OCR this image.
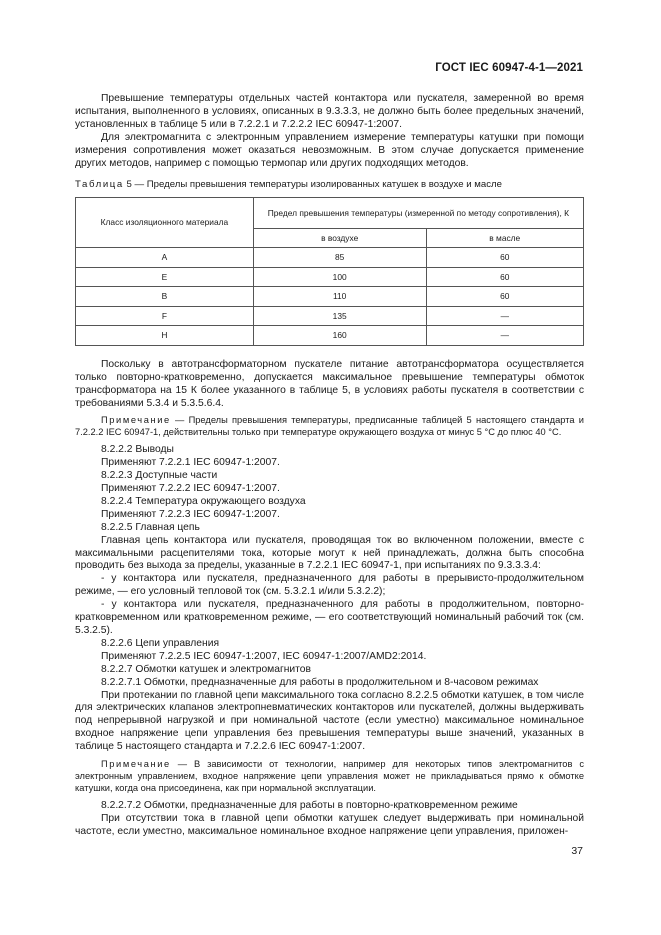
ГОСТ IEC 60947-4-1—2021

Превышение температуры отдельных частей контактора или пускателя, замеренной во время испытания, выполненного в условиях, описанных в 9.3.3.3, не должно быть более предельных значений, установленных в таблице 5 или в 7.2.2.1 и 7.2.2.2 IEC 60947-1:2007.

Для электромагнита с электронным управлением измерение температуры катушки при помощи измерения сопротивления может оказаться невозможным. В этом случае допускается применение других методов, например с помощью термопар или других подходящих методов.

Таблица 5 — Пределы превышения температуры изолированных катушек в воздухе и масле

Класс изоляционного материала	Предел превышения температуры (измеренной по методу сопротивления), К	
	в воздухе	в масле
A	85	60
E	100	60
B	110	60
F	135	—
H	160	—

Поскольку в автотрансформаторном пускателе питание автотрансформатора осуществляется только повторно-кратковременно, допускается максимальное превышение температуры обмоток трансформатора на 15 К более указанного в таблице 5, в условиях работы пускателя в соответствии с требованиями 5.3.4 и 5.3.5.6.4.

Примечание — Пределы превышения температуры, предписанные таблицей 5 настоящего стандарта и 7.2.2.2 IEC 60947-1, действительны только при температуре окружающего воздуха от минус 5 °С до плюс 40 °С.

8.2.2.2 Выводы

Применяют 7.2.2.1 IEC 60947-1:2007.

8.2.2.3 Доступные части

Применяют 7.2.2.2 IEC 60947-1:2007.

8.2.2.4 Температура окружающего воздуха

Применяют 7.2.2.3 IEC 60947-1:2007.

8.2.2.5 Главная цепь

Главная цепь контактора или пускателя, проводящая ток во включенном положении, вместе с максимальными расцепителями тока, которые могут к ней принадлежать, должна быть способна проводить без выхода за пределы, указанные в 7.2.2.1 IEC 60947-1, при испытаниях по 9.3.3.3.4:

- у контактора или пускателя, предназначенного для работы в прерывисто-продолжительном режиме, — его условный тепловой ток (см. 5.3.2.1 и/или 5.3.2.2);

- у контактора или пускателя, предназначенного для работы в продолжительном, повторно-кратковременном или кратковременном режиме, — его соответствующий номинальный рабочий ток (см. 5.3.2.5).

8.2.2.6 Цепи управления

Применяют 7.2.2.5 IEC 60947-1:2007, IEC 60947-1:2007/AMD2:2014.

8.2.2.7 Обмотки катушек и электромагнитов

8.2.2.7.1 Обмотки, предназначенные для работы в продолжительном и 8-часовом режимах

При протекании по главной цепи максимального тока согласно 8.2.2.5 обмотки катушек, в том числе для электрических клапанов электропневматических контакторов или пускателей, должны выдерживать под непрерывной нагрузкой и при номинальной частоте (если уместно) максимальное номинальное входное напряжение цепи управления без превышения температуры выше значений, указанных в таблице 5 настоящего стандарта и 7.2.2.6 IEC 60947-1:2007.

Примечание — В зависимости от технологии, например для некоторых типов электромагнитов с электронным управлением, входное напряжение цепи управления может не прикладываться прямо к обмотке катушки, когда она присоединена, как при нормальной эксплуатации.

8.2.2.7.2 Обмотки, предназначенные для работы в повторно-кратковременном режиме

При отсутствии тока в главной цепи обмотки катушек следует выдерживать при номинальной частоте, если уместно, максимальное номинальное входное напряжение цепи управления, приложен-

37
